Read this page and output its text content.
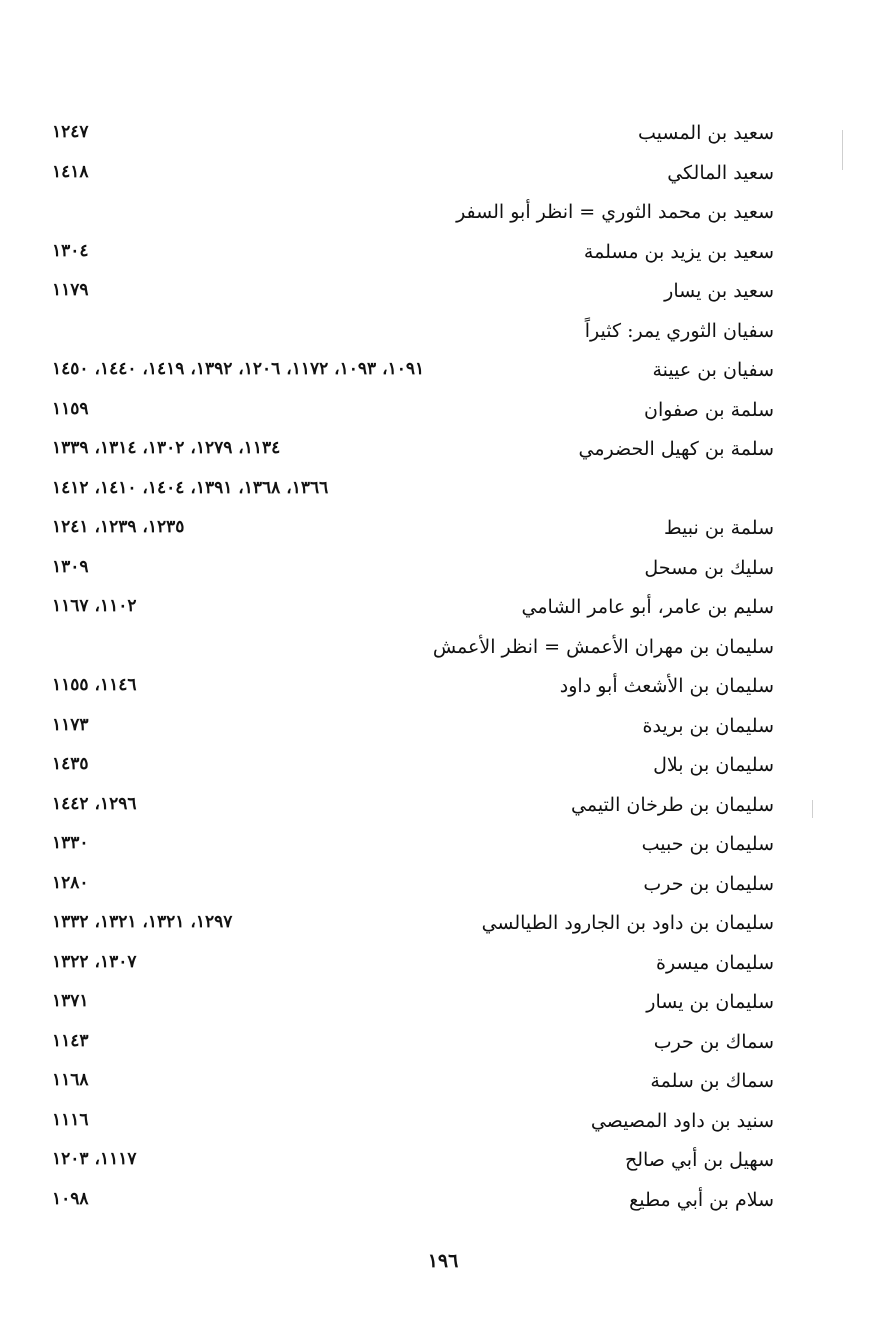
سعيد بن المسيب
١٢٤٧
سعيد المالكي
١٤١٨
سعيد بن محمد الثوري = انظر أبو السفر
سعيد بن يزيد بن مسلمة
١٣٠٤
سعيد بن يسار
١١٧٩
سفيان الثوري يمر: كثيراً
سفيان بن عيينة
١٠٩١، ١٠٩٣، ١١٧٢، ١٢٠٦، ١٣٩٢، ١٤١٩، ١٤٤٠، ١٤٥٠
سلمة بن صفوان
١١٥٩
سلمة بن كهيل الحضرمي
١١٣٤، ١٢٧٩، ١٣٠٢، ١٣١٤، ١٣٣٩
١٣٦٦، ١٣٦٨، ١٣٩١، ١٤٠٤، ١٤١٠، ١٤١٢
سلمة بن نبيط
١٢٣٥، ١٢٣٩، ١٢٤١
سليك بن مسحل
١٣٠٩
سليم بن عامر، أبو عامر الشامي
١١٠٢، ١١٦٧
سليمان بن مهران الأعمش = انظر الأعمش
سليمان بن الأشعث أبو داود
١١٤٦، ١١٥٥
سليمان بن بريدة
١١٧٣
سليمان بن بلال
١٤٣٥
سليمان بن طرخان التيمي
١٢٩٦، ١٤٤٢
سليمان بن حبيب
١٣٣٠
سليمان بن حرب
١٢٨٠
سليمان بن داود بن الجارود الطيالسي
١٢٩٧، ١٣٢١، ١٣٢١، ١٣٣٢
سليمان ميسرة
١٣٠٧، ١٣٢٢
سليمان بن يسار
١٣٧١
سماك بن حرب
١١٤٣
سماك بن سلمة
١١٦٨
سنيد بن داود المصيصي
١١١٦
سهيل بن أبي صالح
١١١٧، ١٢٠٣
سلام بن أبي مطيع
١٠٩٨
١٩٦
